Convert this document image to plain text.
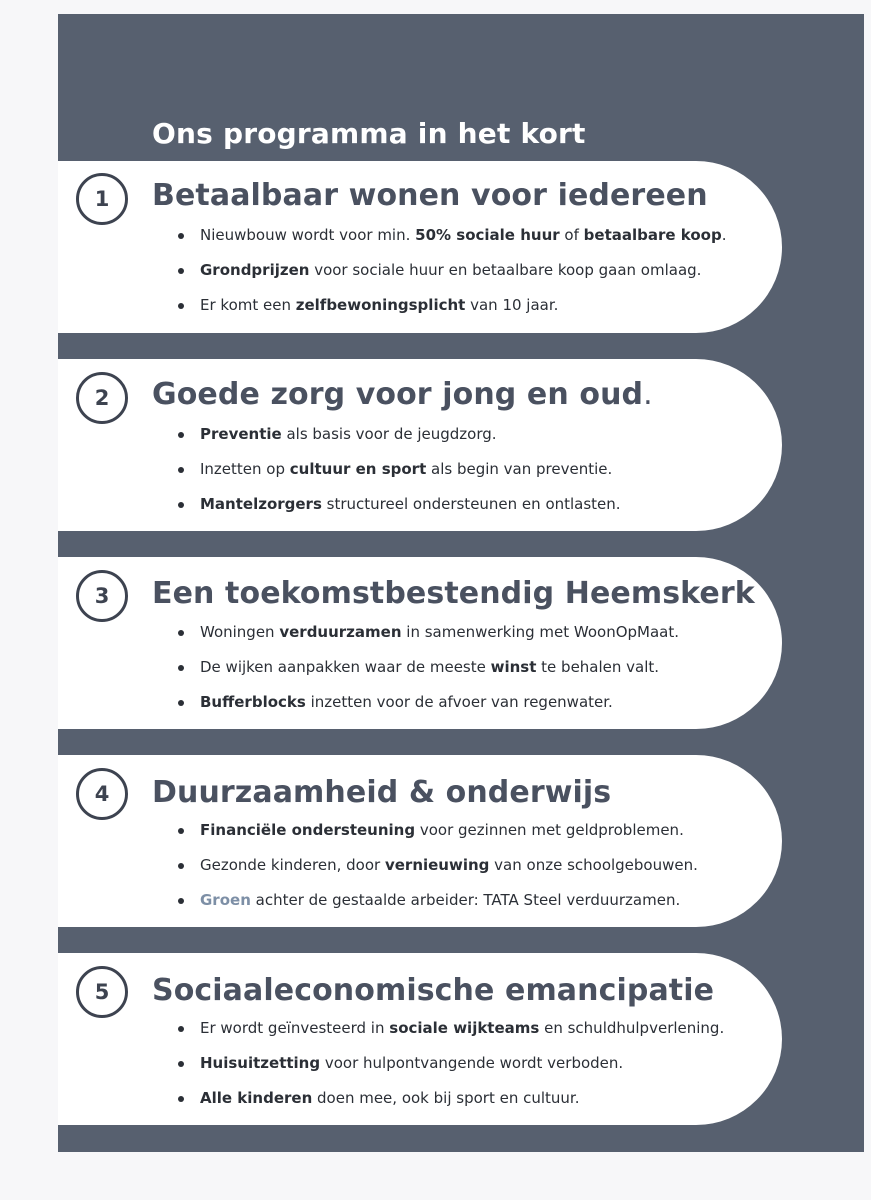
Ons programma in het kort
1	Betaalbaar wonen voor iedereen
Nieuwbouw wordt voor min. 50% sociale huur of betaalbare koop.
Grondprijzen voor sociale huur en betaalbare koop gaan omlaag.
Er komt een zelfbewoningsplicht van 10 jaar.
2	Goede zorg voor jong en oud.
Preventie als basis voor de jeugdzorg.
Inzetten op cultuur en sport als begin van preventie.
Mantelzorgers structureel ondersteunen en ontlasten.
3	Een toekomstbestendig Heemskerk
Woningen verduurzamen in samenwerking met WoonOpMaat.
De wijken aanpakken waar de meeste winst te behalen valt.
Bufferblocks inzetten voor de afvoer van regenwater.
4	Duurzaamheid & onderwijs
Financiële ondersteuning voor gezinnen met geldproblemen.
Gezonde kinderen, door vernieuwing van onze schoolgebouwen.
Groen achter de gestaalde arbeider: TATA Steel verduurzamen.
5	Sociaaleconomische emancipatie
Er wordt geïnvesteerd in sociale wijkteams en schuldhulpverlening.
Huisuitzetting voor hulpontvangende wordt verboden.
Alle kinderen doen mee, ook bij sport en cultuur.
